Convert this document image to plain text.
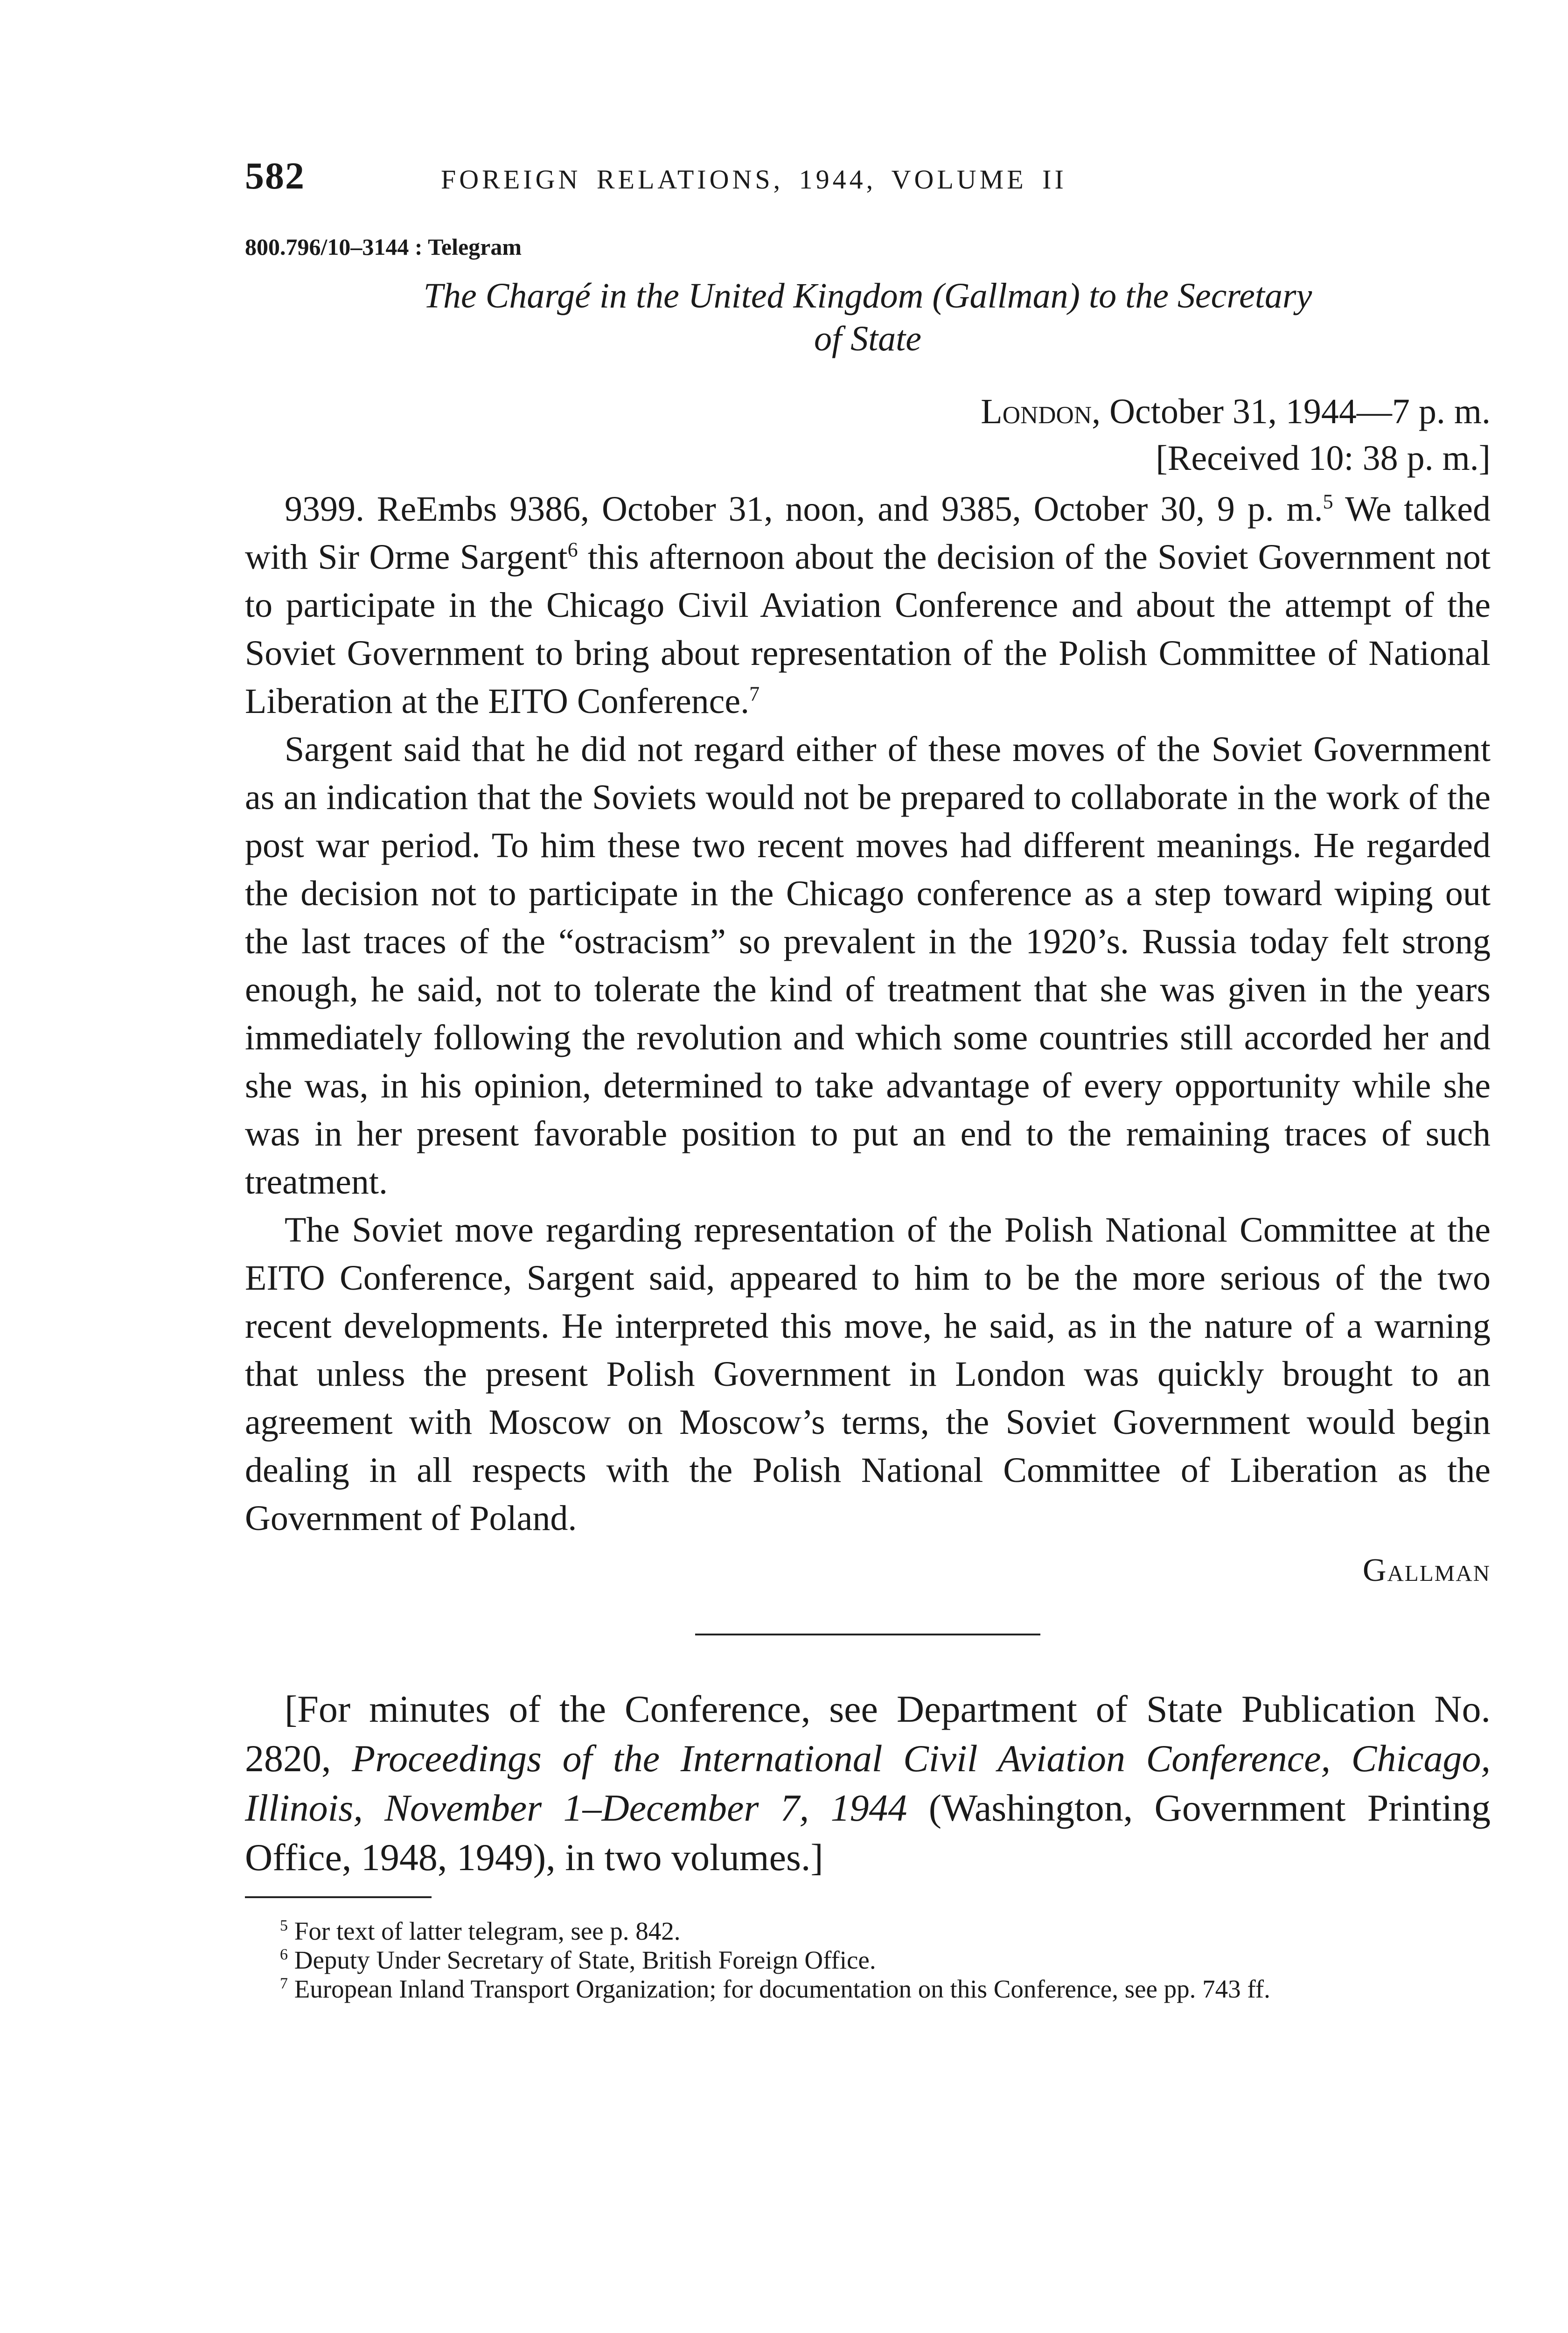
582	FOREIGN RELATIONS, 1944, VOLUME II
800.796/10–3144 : Telegram
The Chargé in the United Kingdom (Gallman) to the Secretary
of State
London, October 31, 1944—7 p. m.
[Received 10: 38 p. m.]

9399. ReEmbs 9386, October 31, noon, and 9385, October 30, 9 p. m.$^5$ We talked with Sir Orme Sargent$^6$ this afternoon about the decision of the Soviet Government not to participate in the Chicago Civil Aviation Conference and about the attempt of the Soviet Government to bring about representation of the Polish Committee of National Liberation at the EITO Conference.$^7$

Sargent said that he did not regard either of these moves of the Soviet Government as an indication that the Soviets would not be prepared to collaborate in the work of the post war period. To him these two recent moves had different meanings. He regarded the decision not to participate in the Chicago conference as a step toward wiping out the last traces of the “ostracism” so prevalent in the 1920’s. Russia today felt strong enough, he said, not to tolerate the kind of treatment that she was given in the years immediately following the revolution and which some countries still accorded her and she was, in his opinion, determined to take advantage of every opportunity while she was in her present favorable position to put an end to the remaining traces of such treatment.

The Soviet move regarding representation of the Polish National Committee at the EITO Conference, Sargent said, appeared to him to be the more serious of the two recent developments. He interpreted this move, he said, as in the nature of a warning that unless the present Polish Government in London was quickly brought to an agreement with Moscow on Moscow’s terms, the Soviet Government would begin dealing in all respects with the Polish National Committee of Liberation as the Government of Poland.

Gallman

[For minutes of the Conference, see Department of State Publication No. 2820, Proceedings of the International Civil Aviation Conference, Chicago, Illinois, November 1–December 7, 1944 (Washington, Government Printing Office, 1948, 1949), in two volumes.]

$^5$ For text of latter telegram, see p. 842.
$^6$ Deputy Under Secretary of State, British Foreign Office.
$^7$ European Inland Transport Organization; for documentation on this Conference, see pp. 743 ff.
